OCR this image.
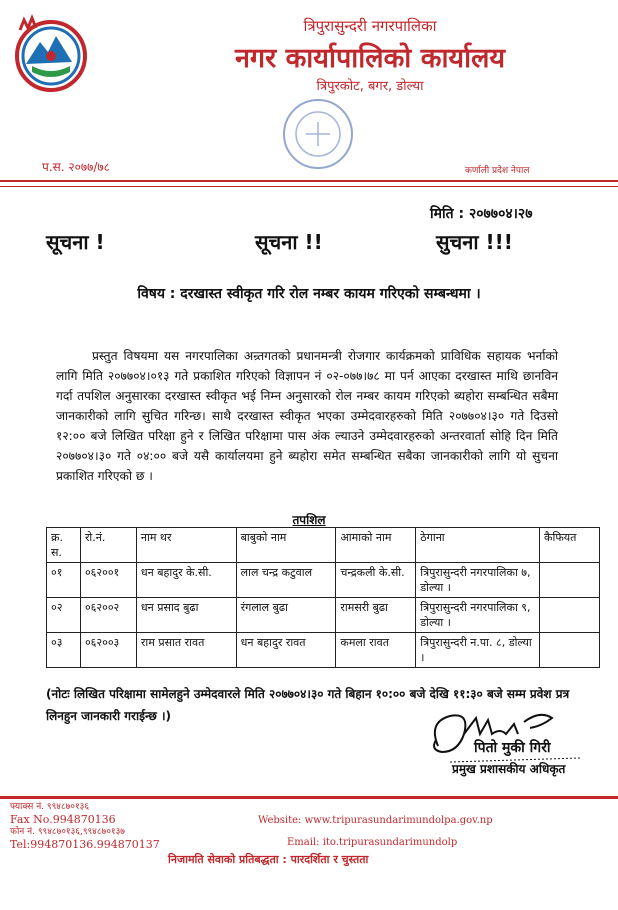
त्रिपुरासुन्दरी नगरपालिका
नगर कार्यापालिको कार्यालय
त्रिपुरकोट, बगर, डोल्या
प.स. २०७७/७८	कर्णाली प्रदेश नेपाल
मिति : २०७७०४।२७
सूचना !	सूचना !!	सुचना !!!
विषय : दरखास्त स्वीकृत गरि रोल नम्बर कायम गरिएको सम्बन्धमा ।
प्रस्तुत विषयमा यस नगरपालिका अन्र्तगतको प्रधानमन्त्री रोजगार कार्यक्रमको प्राविधिक सहायक भर्नाको लागि मिति २०७७०४।०१३ गते प्रकाशित गरिएको विज्ञापन नं ०२-०७७।७८ मा पर्न आएका दरखास्त माथि छानविन गर्दा तपशिल अनुसारका दरखास्त स्वीकृत भई निम्न अनुसारको रोल नम्बर कायम गरिएको ब्यहोरा सम्बन्धित सबैमा जानकारीको लागि सुचित गरिन्छ। साथै दरखास्त स्वीकृत भएका उम्मेदवारहरुको मिति २०७७०४।३० गते दिउसो १२:०० बजे लिखित परिक्षा हुने र लिखित परिक्षामा पास अंक ल्याउने उम्मेदवारहरुको अन्तरवार्ता सोहि दिन मिति २०७७०४।३० गते ०४:०० बजे यसै कार्यालयमा हुने ब्यहोरा समेत सम्बन्धित सबैका जानकारीको लागि यो सुचना प्रकाशित गरिएको छ ।
तपशिल
क्र. स.	रो.नं.	नाम थर	बाबुको नाम	आमाको नाम	ठेगाना	कैफियत
०१	०६२००१	धन बहादुर के.सी.	लाल चन्द्र कटुवाल	चन्द्रकली के.सी.	त्रिपुरासुन्दरी नगरपालिका ७, डोल्या ।	
०२	०६२००२	धन प्रसाद बुढा	रंगलाल बुढा	रामसरी बुढा	त्रिपुरासुन्दरी नगरपालिका ९, डोल्या ।	
०३	०६२००३	राम प्रसात रावत	धन बहादुर रावत	कमला रावत	त्रिपुरासुन्दरी न.पा. ८, डोल्या ।	
(नोटः लिखित परिक्षामा सामेलहुने उम्मेदवारले मिति २०७७०४।३० गते बिहान १०:०० बजे देखि ११:३० बजे सम्म प्रवेश प्रत्र लिनहुन जानकारी गराईन्छ ।)
पितो मुकी गिरी
प्रमुख प्रशासकीय अधिकृत
फ्याक्स नं. ९९४८७०१३६
Fax No.994870136
फोन नं. ९९४८७०१३६,९९४८७०१३७
Tel:994870136.994870137
Website: www.tripurasundarimundolpa.gov.np
Email: ito.tripurasundarimundolp
निजामति सेवाको प्रतिबद्धता : पारदर्शिता र चुस्तता
